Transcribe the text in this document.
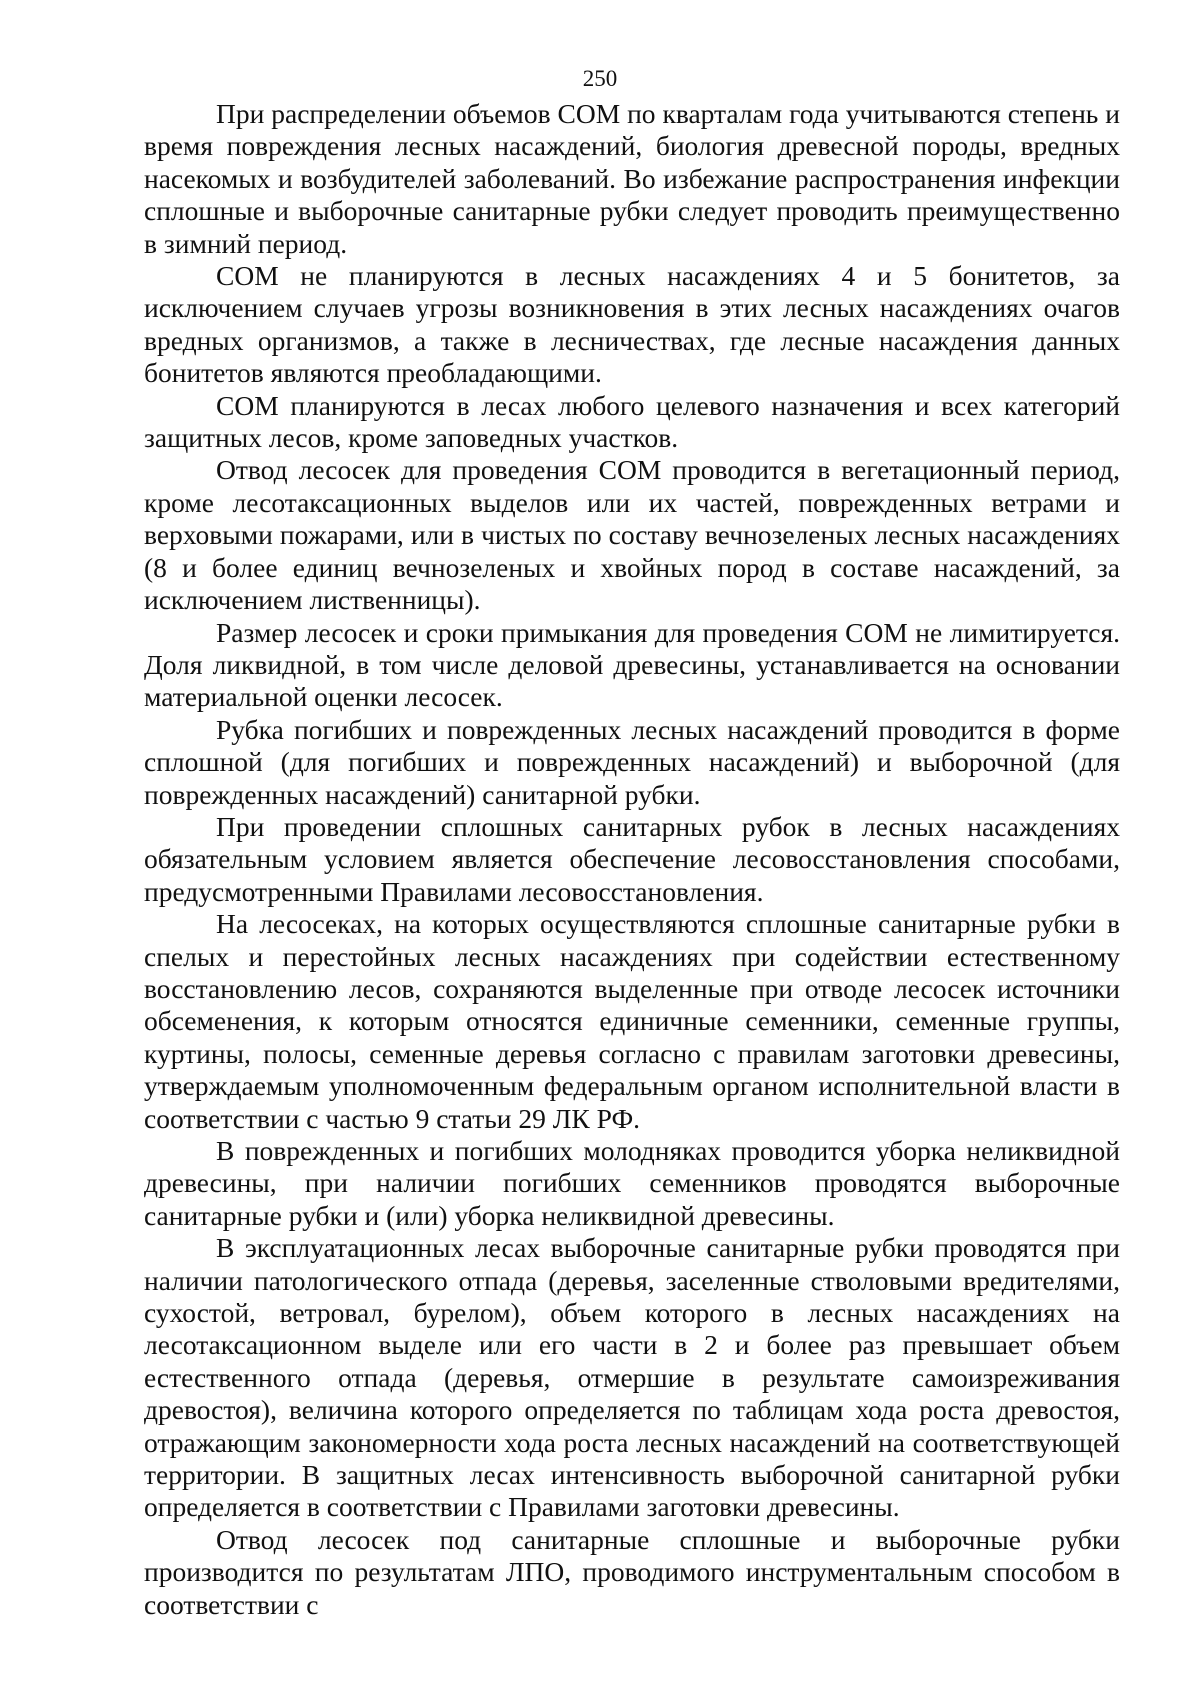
250

При распределении объемов СОМ по кварталам года учитываются степень и время повреждения лесных насаждений, биология древесной породы, вредных насекомых и возбудителей заболеваний. Во избежание распространения инфекции сплошные и выборочные санитарные рубки следует проводить преимущественно в зимний период.

СОМ не планируются в лесных насаждениях 4 и 5 бонитетов, за исключением случаев угрозы возникновения в этих лесных насаждениях очагов вредных организмов, а также в лесничествах, где лесные насаждения данных бонитетов являются преобладающими.

СОМ планируются в лесах любого целевого назначения и всех категорий защитных лесов, кроме заповедных участков.

Отвод лесосек для проведения СОМ проводится в вегетационный период, кроме лесотаксационных выделов или их частей, поврежденных ветрами и верховыми пожарами, или в чистых по составу вечнозеленых лесных насаждениях (8 и более единиц вечнозеленых и хвойных пород в составе насаждений, за исключением лиственницы).

Размер лесосек и сроки примыкания для проведения СОМ не лимитируется. Доля ликвидной, в том числе деловой древесины, устанавливается на основании материальной оценки лесосек.

Рубка погибших и поврежденных лесных насаждений проводится в форме сплошной (для погибших и поврежденных насаждений) и выборочной (для поврежденных насаждений) санитарной рубки.

При проведении сплошных санитарных рубок в лесных насаждениях обязательным условием является обеспечение лесовосстановления способами, предусмотренными Правилами лесовосстановления.

На лесосеках, на которых осуществляются сплошные санитарные рубки в спелых и перестойных лесных насаждениях при содействии естественному восстановлению лесов, сохраняются выделенные при отводе лесосек источники обсеменения, к которым относятся единичные семенники, семенные группы, куртины, полосы, семенные деревья согласно с правилам заготовки древесины, утверждаемым уполномоченным федеральным органом исполнительной власти в соответствии с частью 9 статьи 29 ЛК РФ.

В поврежденных и погибших молодняках проводится уборка неликвидной древесины, при наличии погибших семенников проводятся выборочные санитарные рубки и (или) уборка неликвидной древесины.

В эксплуатационных лесах выборочные санитарные рубки проводятся при наличии патологического отпада (деревья, заселенные стволовыми вредителями, сухостой, ветровал, бурелом), объем которого в лесных насаждениях на лесотаксационном выделе или его части в 2 и более раз превышает объем естественного отпада (деревья, отмершие в результате самоизреживания древостоя), величина которого определяется по таблицам хода роста древостоя, отражающим закономерности хода роста лесных насаждений на соответствующей территории. В защитных лесах интенсивность выборочной санитарной рубки определяется в соответствии с Правилами заготовки древесины.

Отвод лесосек под санитарные сплошные и выборочные рубки производится по результатам ЛПО, проводимого инструментальным способом в соответствии с
